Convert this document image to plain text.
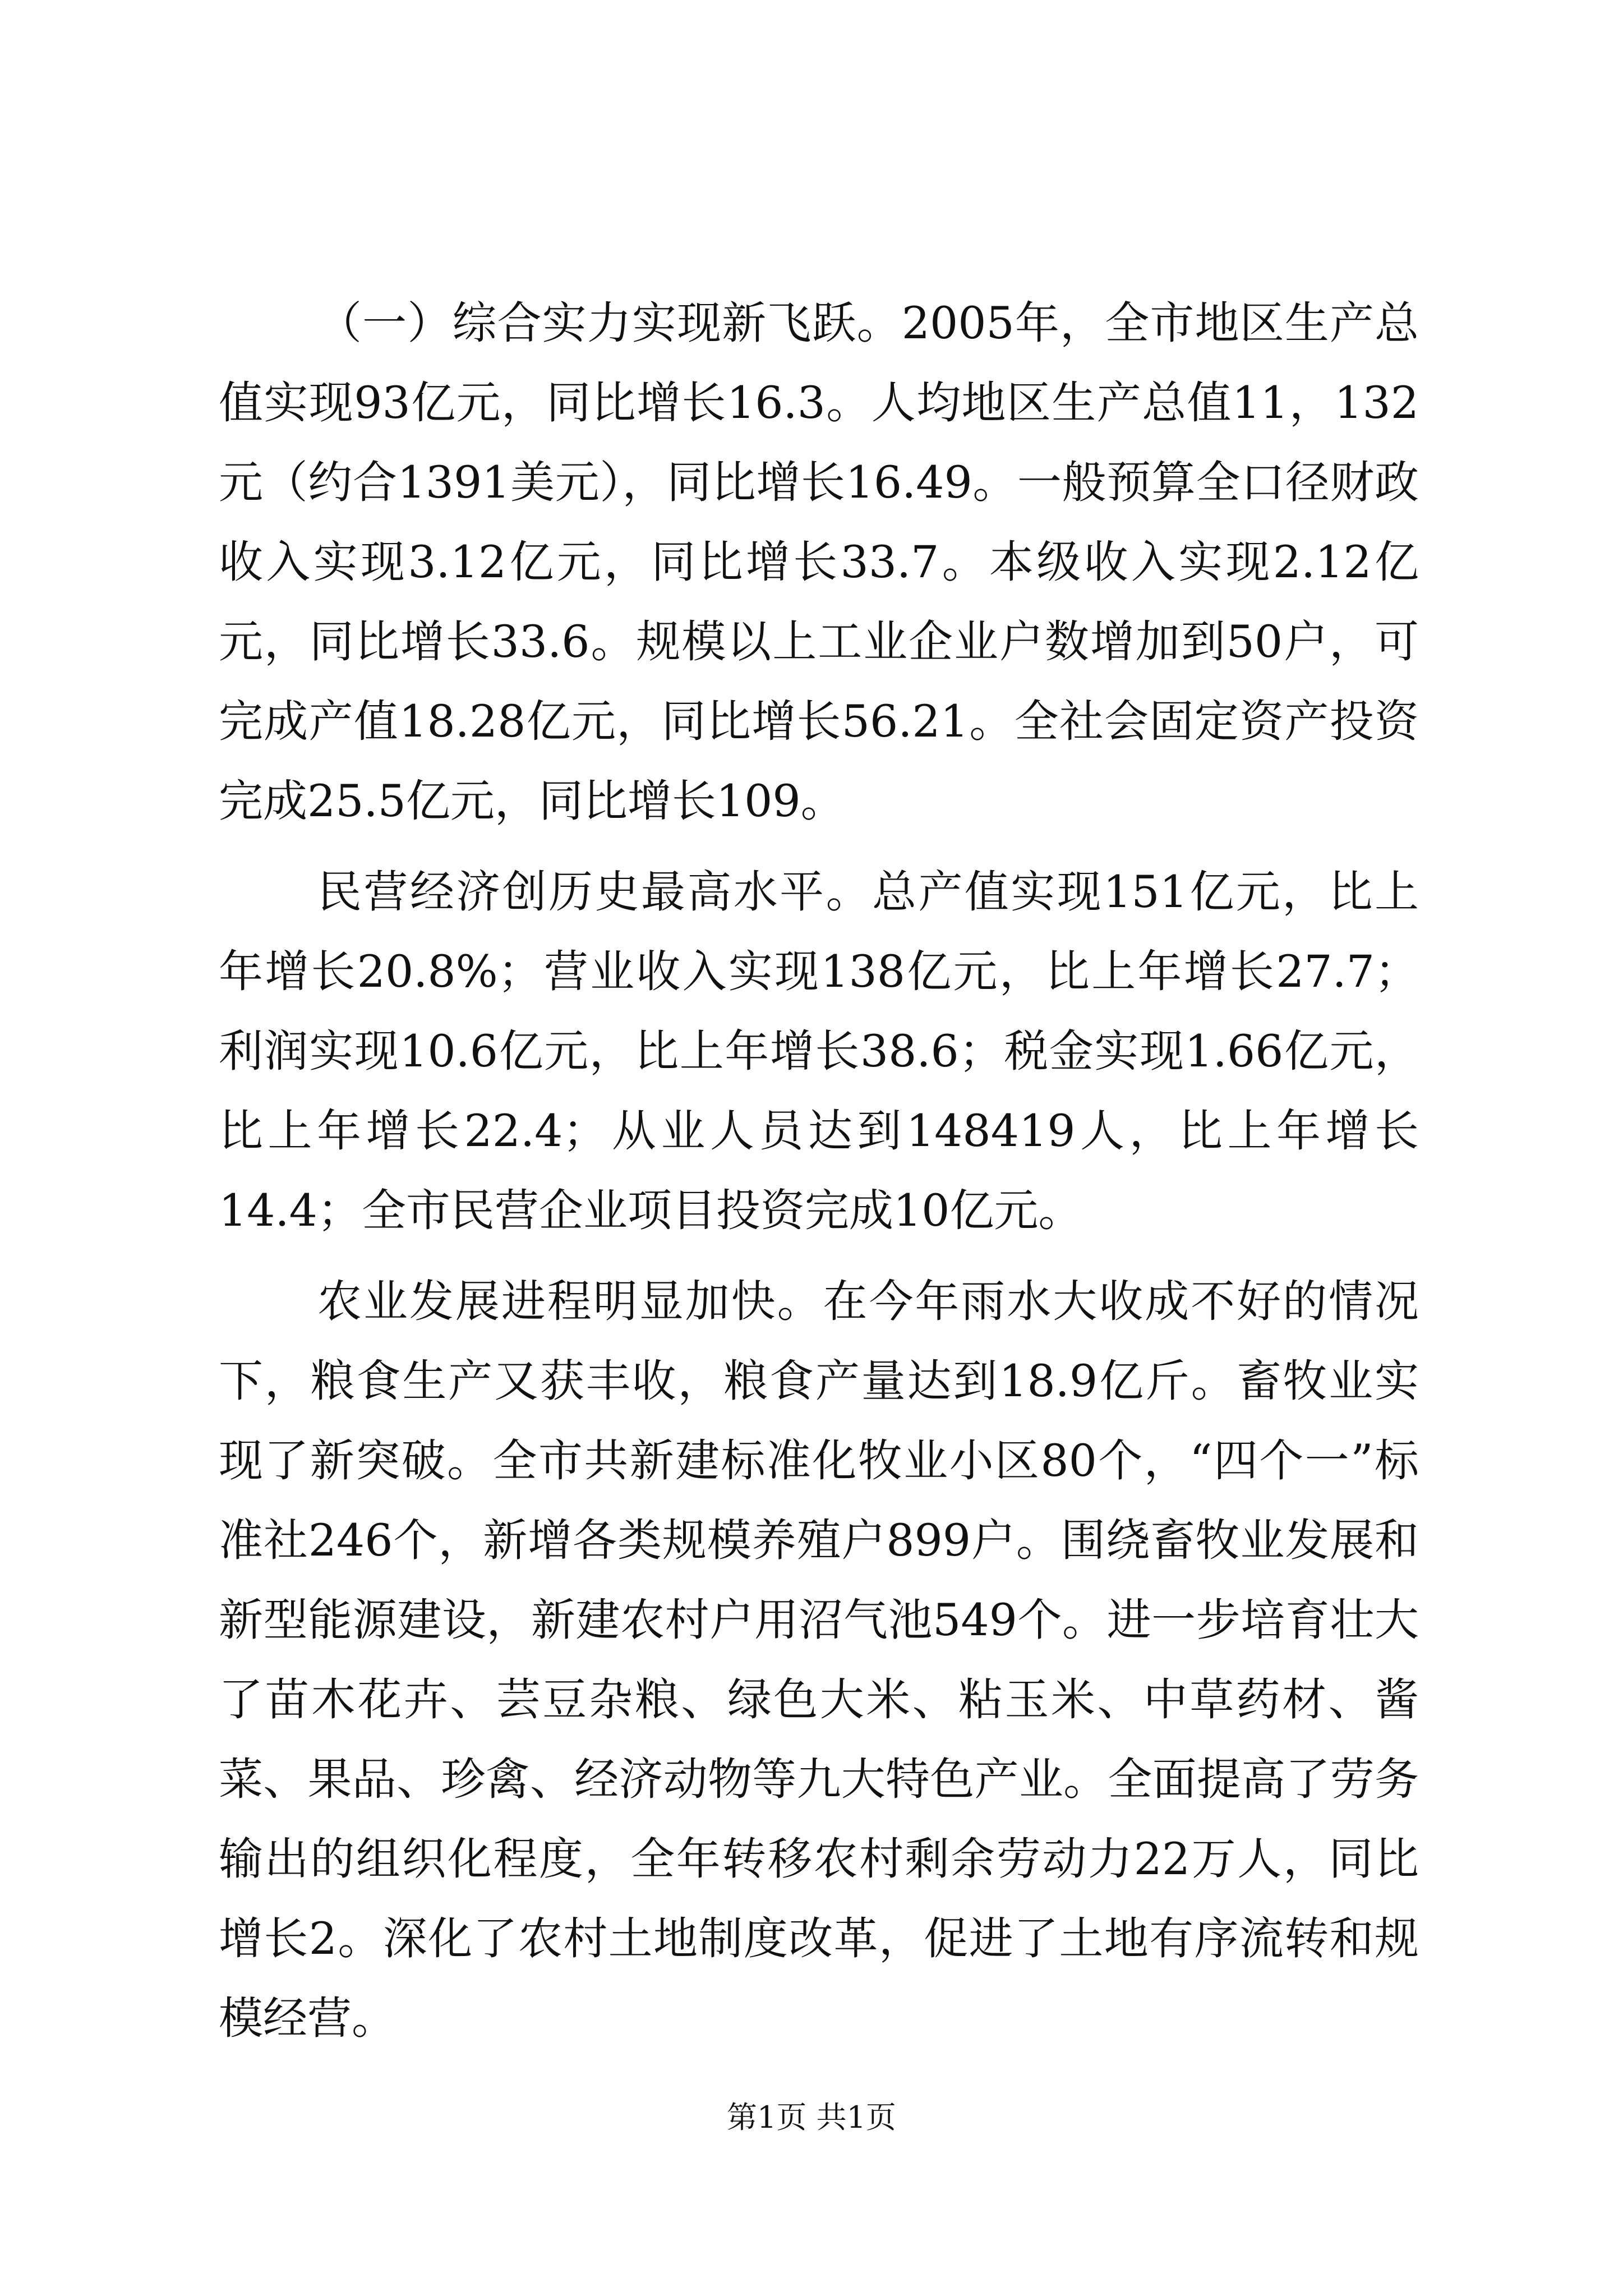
（一）综合实力实现新飞跃。2005年，全市地区生产总值实现93亿元，同比增长16.3。人均地区生产总值11，132元（约合1391美元），同比增长16.49。一般预算全口径财政收入实现3.12亿元，同比增长33.7。本级收入实现2.12亿元，同比增长33.6。规模以上工业企业户数增加到50户，可完成产值18.28亿元，同比增长56.21。全社会固定资产投资完成25.5亿元，同比增长109。

民营经济创历史最高水平。总产值实现151亿元，比上年增长20.8%；营业收入实现138亿元，比上年增长27.7；利润实现10.6亿元，比上年增长38.6；税金实现1.66亿元，比上年增长22.4；从业人员达到148419人，比上年增长14.4；全市民营企业项目投资完成10亿元。

农业发展进程明显加快。在今年雨水大收成不好的情况下，粮食生产又获丰收，粮食产量达到18.9亿斤。畜牧业实现了新突破。全市共新建标准化牧业小区80个，“四个一”标准社246个，新增各类规模养殖户899户。围绕畜牧业发展和新型能源建设，新建农村户用沼气池549个。进一步培育壮大了苗木花卉、芸豆杂粮、绿色大米、粘玉米、中草药材、酱菜、果品、珍禽、经济动物等九大特色产业。全面提高了劳务输出的组织化程度，全年转移农村剩余劳动力22万人，同比增长2。深化了农村土地制度改革，促进了土地有序流转和规模经营。

第1页 共1页
